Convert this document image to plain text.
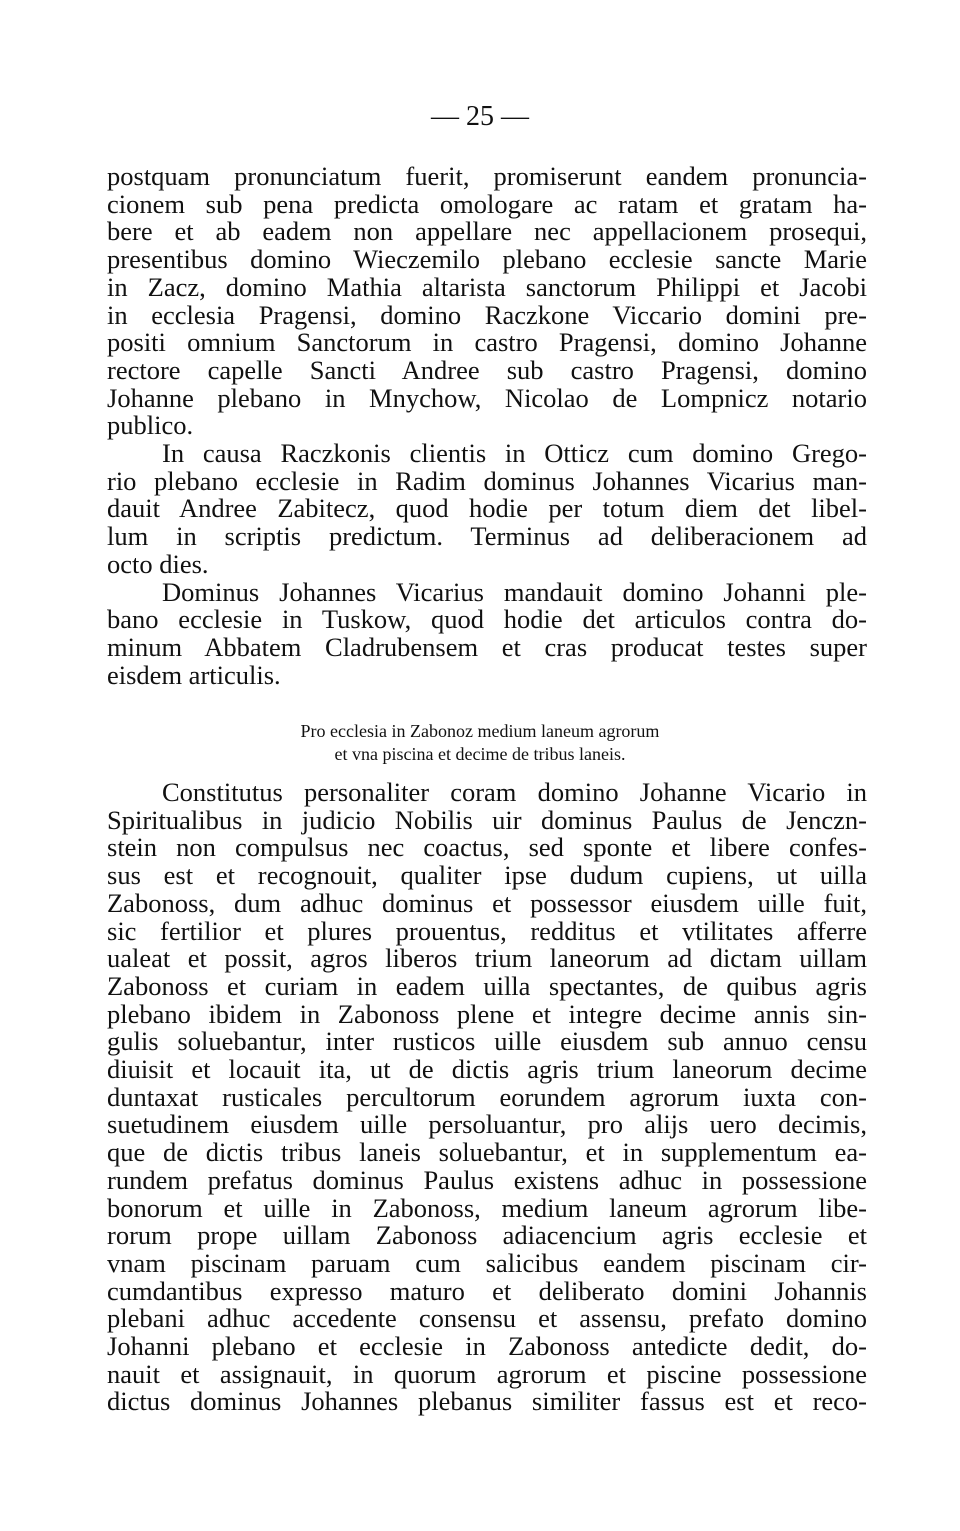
— 25 —
postquam pronunciatum fuerit, promiserunt eandem pronuncia-
cionem sub pena predicta omologare ac ratam et gratam ha-
bere et ab eadem non appellare nec appellacionem prosequi,
presentibus domino Wieczemilo plebano ecclesie sancte Marie
in Zacz, domino Mathia altarista sanctorum Philippi et Jacobi
in ecclesia Pragensi, domino Raczkone Viccario domini pre-
positi omnium Sanctorum in castro Pragensi, domino Johanne
rectore capelle Sancti Andree sub castro Pragensi, domino
Johanne plebano in Mnychow, Nicolao de Lompnicz notario
publico.
In causa Raczkonis clientis in Otticz cum domino Grego-
rio plebano ecclesie in Radim dominus Johannes Vicarius man-
dauit Andree Zabitecz, quod hodie per totum diem det libel-
lum in scriptis predictum. Terminus ad deliberacionem ad
octo dies.
Dominus Johannes Vicarius mandauit domino Johanni ple-
bano ecclesie in Tuskow, quod hodie det articulos contra do-
minum Abbatem Cladrubensem et cras producat testes super
eisdem articulis.
Pro ecclesia in Zabonoz medium laneum agrorum
et vna piscina et decime de tribus laneis.
Constitutus personaliter coram domino Johanne Vicario in
Spiritualibus in judicio Nobilis uir dominus Paulus de Jenczn-
stein non compulsus nec coactus, sed sponte et libere confes-
sus est et recognouit, qualiter ipse dudum cupiens, ut uilla
Zabonoss, dum adhuc dominus et possessor eiusdem uille fuit,
sic fertilior et plures prouentus, redditus et vtilitates afferre
ualeat et possit, agros liberos trium laneorum ad dictam uillam
Zabonoss et curiam in eadem uilla spectantes, de quibus agris
plebano ibidem in Zabonoss plene et integre decime annis sin-
gulis soluebantur, inter rusticos uille eiusdem sub annuo censu
diuisit et locauit ita, ut de dictis agris trium laneorum decime
duntaxat rusticales percultorum eorundem agrorum iuxta con-
suetudinem eiusdem uille persoluantur, pro alijs uero decimis,
que de dictis tribus laneis soluebantur, et in supplementum ea-
rundem prefatus dominus Paulus existens adhuc in possessione
bonorum et uille in Zabonoss, medium laneum agrorum libe-
rorum prope uillam Zabonoss adiacencium agris ecclesie et
vnam piscinam paruam cum salicibus eandem piscinam cir-
cumdantibus expresso maturo et deliberato domini Johannis
plebani adhuc accedente consensu et assensu, prefato domino
Johanni plebano et ecclesie in Zabonoss antedicte dedit, do-
nauit et assignauit, in quorum agrorum et piscine possessione
dictus dominus Johannes plebanus similiter fassus est et reco-
